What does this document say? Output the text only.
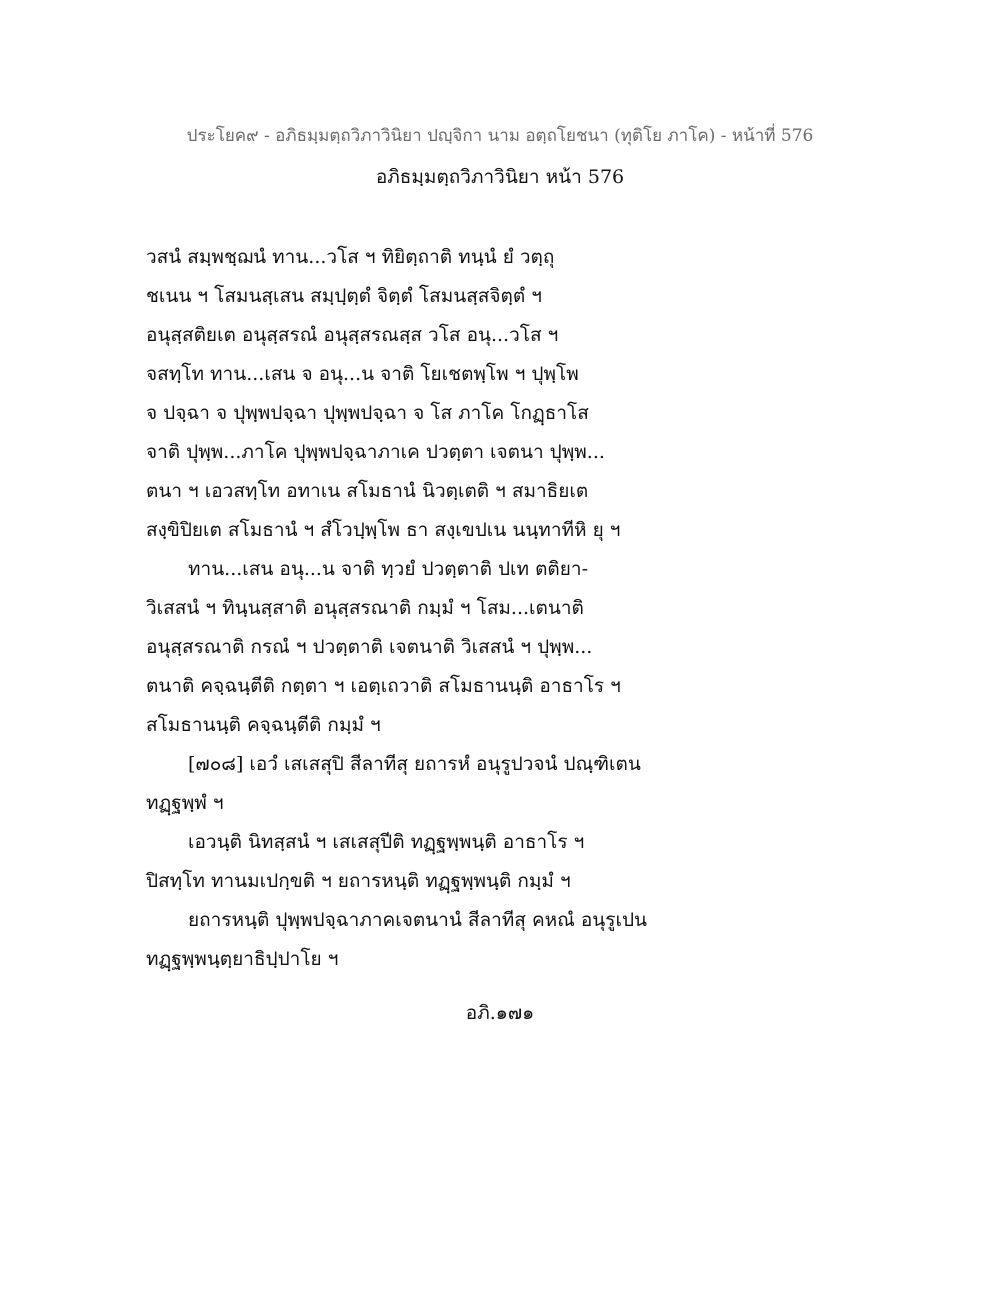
ประโยค๙ - อภิธมฺมตฺถวิภาวินิยา ปญฺจิกา นาม อตฺถโยชนา (ทุติโย ภาโค) - หน้าที่ 576
อภิธมฺมตฺถวิภาวินิยา หน้า 576
วสนํ สมฺพชฺฌนํ ทาน...วโส ฯ ทิยิตฺถาติ ทนฺนํ ยํ วตฺถุ
ชเนน ฯ โสมนสฺเสน สมฺปฺตฺตํ จิตฺตํ โสมนสฺสจิตฺตํ ฯ
อนุสฺสติยเต อนุสฺสรณํ อนุสฺสรณสฺส วโส อนุ...วโส ฯ
จสทฺโท ทาน...เสน จ อนุ...น จาติ โยเชตพฺโพ ฯ ปุพฺโพ
จ ปจฺฉา จ ปุพฺพปจฺฉา ปุพฺพปจฺฉา จ โส ภาโค โกฏฺธาโส
จาติ ปุพฺพ...ภาโค ปุพฺพปจฺฉาภาเค ปวตฺตา เจตนา ปุพฺพ...
ตนา ฯ เอวสทฺโท อทาเน สโมธานํ นิวตฺเตติ ฯ สมาธิยเต
สงฺขิปิยเต สโมธานํ ฯ สํโวปฺพฺโพ ธา สงฺเขปเน นนฺทาทีหิ ยุ ฯ
ทาน...เสน อนุ...น จาติ ทฺวยํ ปวตฺตาติ ปเท ตติยา-
วิเสสนํ ฯ ทินฺนสฺสาติ อนุสฺสรณาติ กมฺมํ ฯ โสม...เตนาติ
อนุสฺสรณาติ กรณํ ฯ ปวตฺตาติ เจตนาติ วิเสสนํ ฯ ปุพฺพ...
ตนาติ คจฺฉนฺตีติ กตฺตา ฯ เอตฺเถวาติ สโมธานนฺติ อาธาโร ฯ
สโมธานนฺติ คจฺฉนฺตีติ กมฺมํ ฯ
[๗๐๘] เอวํ เสเสสุปิ สีลาทีสุ ยถารหํ อนุรูปวจนํ ปณฺฑิเตน
ทฏฺฐพฺพํ ฯ
เอวนฺติ นิทสฺสนํ ฯ เสเสสุปีติ ทฏฺฐพฺพนฺติ อาธาโร ฯ
ปิสทฺโท ทานมเปกฺขติ ฯ ยถารหนฺติ ทฏฺฐพฺพนฺติ กมฺมํ ฯ
ยถารหนฺติ ปุพฺพปจฺฉาภาคเจตนานํ สีลาทีสุ คหณํ อนุรูเปน
ทฏฺฐพฺพนฺตฺยาธิปฺปาโย ฯ
อภิ.๑๗๑
